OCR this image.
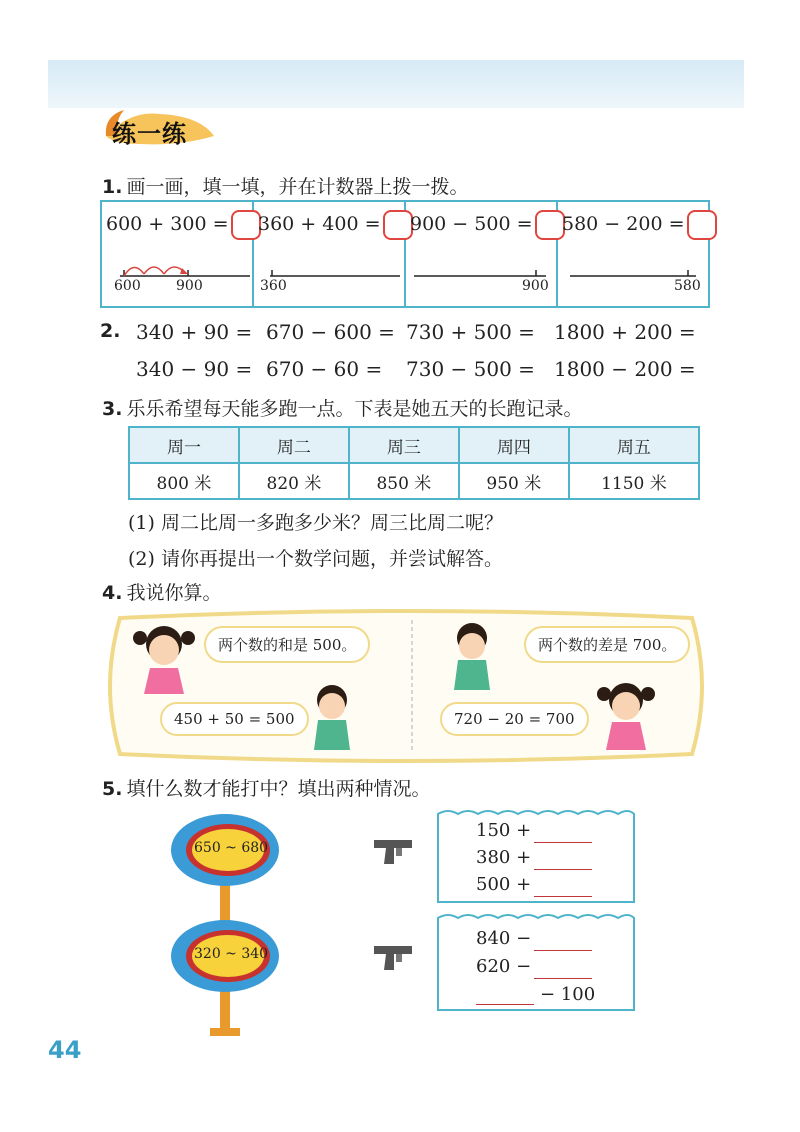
练一练
1. 画一画，填一填，并在计数器上拨一拨。
600 + 300 =
600	900
360 + 400 =
360
900 − 500 =
900
580 − 200 =
580
2. 340 + 90 = 670 − 600 = 730 + 500 = 1800 + 200 =
340 − 90 = 670 − 60 = 730 − 500 = 1800 − 200 =
3. 乐乐希望每天能多跑一点。下表是她五天的长跑记录。
周一	周二	周三	周四	周五
800 米	820 米	850 米	950 米	1150 米
(1) 周二比周一多跑多少米？周三比周二呢？
(2) 请你再提出一个数学问题，并尝试解答。
4. 我说你算。
两个数的和是 500。
450 + 50 = 500
两个数的差是 700。
720 − 20 = 700
5. 填什么数才能打中？填出两种情况。
650 ~ 680
320 ~ 340
150 +
380 +
500 +
840 −
620 −
− 100
44
